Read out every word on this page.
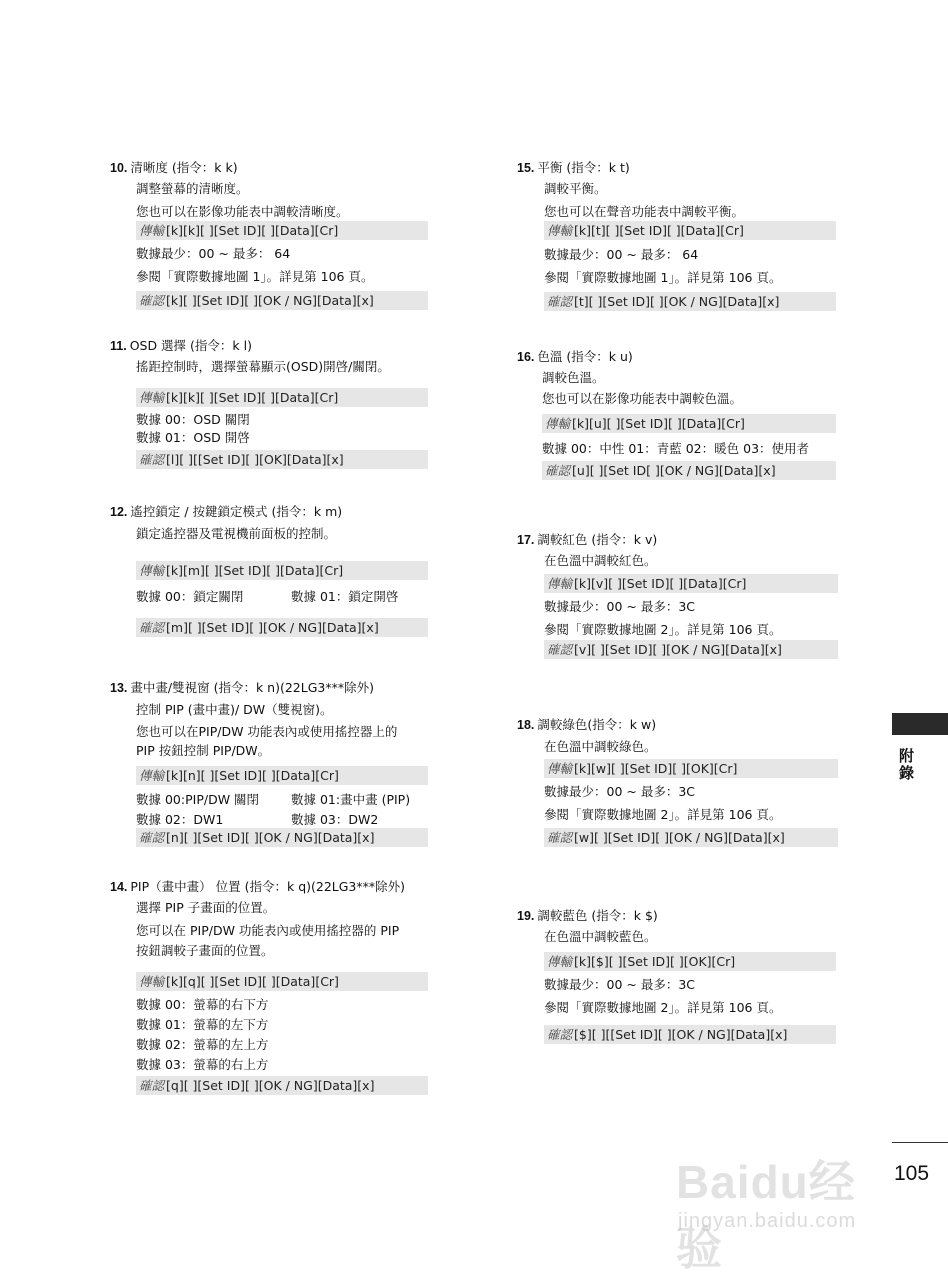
10. 清晰度 (指令：k k)
調整螢幕的清晰度。
您也可以在影像功能表中調較清晰度。
傳輸 [k][k][ ][Set ID][ ][Data][Cr]
數據最少：00 ~ 最多： 64
參閱「實際數據地圖 1」。詳見第 106 頁。
確認 [k][ ][Set ID][ ][OK / NG][Data][x]
11. OSD 選擇 (指令：k l)
搖距控制時，選擇螢幕顯示(OSD)開啓/關閉。
傳輸 [k][k][ ][Set ID][ ][Data][Cr]
數據 00：OSD 關閉
數據 01：OSD 開啓
確認 [l][ ][[Set ID][ ][OK][Data][x]
12. 遙控鎖定 / 按鍵鎖定模式 (指令：k m)
鎖定遙控器及電視機前面板的控制。
傳輸 [k][m][ ][Set ID][ ][Data][Cr]
數據 00：鎖定關閉	數據 01：鎖定開啓
確認 [m][ ][Set ID][ ][OK / NG][Data][x]
13. 畫中畫/雙視窗 (指令：k n)(22LG3***除外)
控制 PIP (畫中畫)/ DW（雙視窗)。
您也可以在PIP/DW 功能表內或使用搖控器上的
PIP 按鈕控制 PIP/DW。
傳輸 [k][n][ ][Set ID][ ][Data][Cr]
數據 00:PIP/DW 關閉	數據 01:畫中畫 (PIP)
數據 02：DW1	數據 03：DW2
確認 [n][ ][Set ID][ ][OK / NG][Data][x]
14. PIP（畫中畫） 位置 (指令：k q)(22LG3***除外)
選擇 PIP 子畫面的位置。
您可以在 PIP/DW 功能表內或使用搖控器的 PIP
按鈕調較子畫面的位置。
傳輸 [k][q][ ][Set ID][ ][Data][Cr]
數據 00：螢幕的右下方
數據 01：螢幕的左下方
數據 02：螢幕的左上方
數據 03：螢幕的右上方
確認 [q][ ][Set ID][ ][OK / NG][Data][x]
15. 平衡 (指令：k t)
調較平衡。
您也可以在聲音功能表中調較平衡。
傳輸 [k][t][ ][Set ID][ ][Data][Cr]
數據最少：00 ~ 最多： 64
參閱「實際數據地圖 1」。詳見第 106 頁。
確認 [t][ ][Set ID][ ][OK / NG][Data][x]
16. 色溫 (指令：k u)
調較色溫。
您也可以在影像功能表中調較色溫。
傳輸 [k][u][ ][Set ID][ ][Data][Cr]
數據 00：中性 01：青藍 02：暖色 03：使用者
確認 [u][ ][Set ID[ ][OK / NG][Data][x]
17. 調較紅色 (指令：k v)
在色溫中調較紅色。
傳輸 [k][v][ ][Set ID][ ][Data][Cr]
數據最少：00 ~ 最多：3C
參閱「實際數據地圖 2」。詳見第 106 頁。
確認 [v][ ][Set ID][ ][OK / NG][Data][x]
18. 調較綠色(指令：k w)
在色溫中調較綠色。
傳輸 [k][w][ ][Set ID][ ][OK][Cr]
數據最少：00 ~ 最多：3C
參閱「實際數據地圖 2」。詳見第 106 頁。
確認 [w][ ][Set ID][ ][OK / NG][Data][x]
19. 調較藍色 (指令：k $)
在色溫中調較藍色。
傳輸 [k][$][ ][Set ID][ ][OK][Cr]
數據最少：00 ~ 最多：3C
參閱「實際數據地圖 2」。詳見第 106 頁。
確認 [$][ ][[Set ID][ ][OK / NG][Data][x]
附錄
105
Baidu经验
jingyan.baidu.com
